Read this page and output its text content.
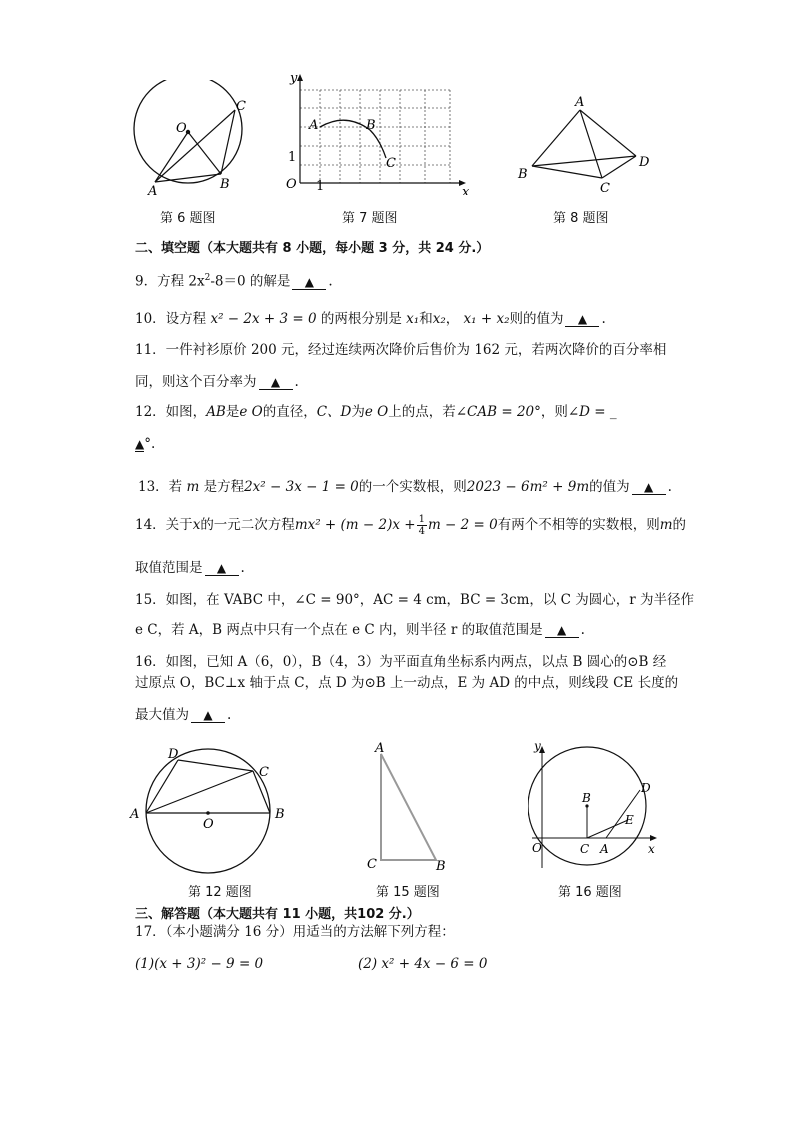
O
A	B
C
第 6 题图
y
x
O
1
1
A	B
C
第 7 题图
A
B
C
D
第 8 题图
二、填空题（本大题共有 8 小题，每小题 3 分，共 24 分.）
9．方程 $2x^2-8=0$ 的解是 ▲ .
10．设方程 x² − 2x + 3 = 0 的两根分别是 x₁和x₂， x₁ + x₂则的值为 ▲ .
11．一件衬衫原价 200 元，经过连续两次降价后售价为 162 元，若两次降价的百分率相
同，则这个百分率为 ▲ .
12．如图，AB是e O的直径，C、D为e O上的点，若∠CAB = 20°，则∠D = _
▲°.
13．若 m 是方程2x² − 3x − 1 = 0的一个实数根，则2023 − 6m² + 9m的值为 ▲ .
14．关于x的一元二次方程$mx^2 + (m - 2)x + \frac{1}{4}$ m − 2 = 0有两个不相等的实数根，则m的
取值范围是 ▲ .
15．如图，在 VABC 中，∠C = 90°，AC = 4 cm，BC = 3cm，以 C 为圆心，r 为半径作
e C，若 A，B 两点中只有一个点在 e C 内，则半径 r 的取值范围是 ▲ .
16．如图，已知 A（6，0），B（4，3）为平面直角坐标系内两点，以点 B 圆心的⊙B 经
过原点 O，BC⊥x 轴于点 C，点 D 为⊙B 上一动点，E 为 AD 的中点，则线段 CE 长度的
最大值为 ▲ .
A	B
C
D
O
第 12 题图
A
C	B
第 15 题图
y
x
O
B
C A
D
E
第 16 题图
三、解答题（本大题共有 11 小题，共102 分.）
17．（本小题满分 16 分）用适当的方法解下列方程：
(1)(x + 3)² − 9 = 0	(2) x² + 4x − 6 = 0
